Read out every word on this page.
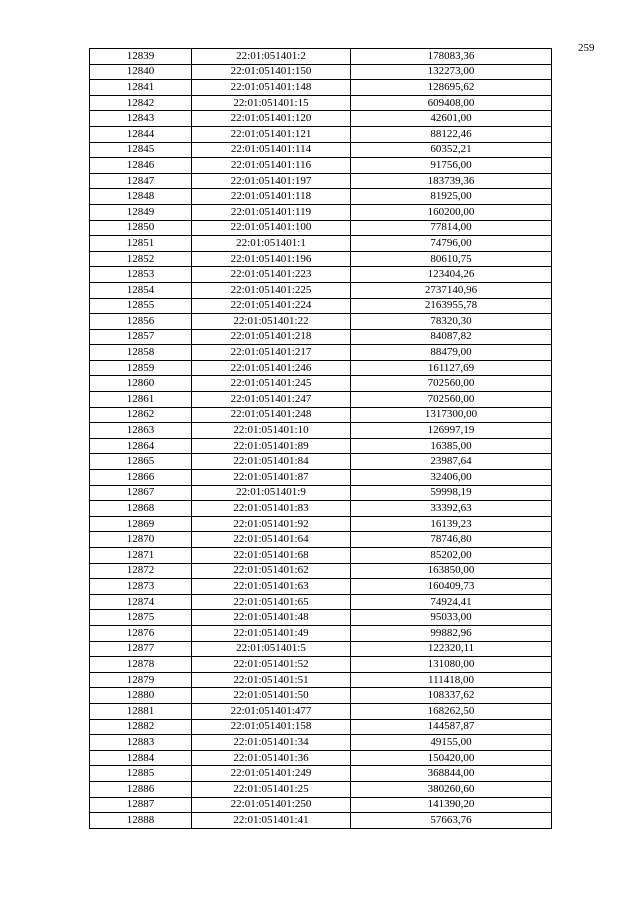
259
12839	22:01:051401:2	178083,36
12840	22:01:051401:150	132273,00
12841	22:01:051401:148	128695,62
12842	22:01:051401:15	609408,00
12843	22:01:051401:120	42601,00
12844	22:01:051401:121	88122,46
12845	22:01:051401:114	60352,21
12846	22:01:051401:116	91756,00
12847	22:01:051401:197	183739,36
12848	22:01:051401:118	81925,00
12849	22:01:051401:119	160200,00
12850	22:01:051401:100	77814,00
12851	22:01:051401:1	74796,00
12852	22:01:051401:196	80610,75
12853	22:01:051401:223	123404,26
12854	22:01:051401:225	2737140,96
12855	22:01:051401:224	2163955,78
12856	22:01:051401:22	78320,30
12857	22:01:051401:218	84087,82
12858	22:01:051401:217	88479,00
12859	22:01:051401:246	161127,69
12860	22:01:051401:245	702560,00
12861	22:01:051401:247	702560,00
12862	22:01:051401:248	1317300,00
12863	22:01:051401:10	126997,19
12864	22:01:051401:89	16385,00
12865	22:01:051401:84	23987,64
12866	22:01:051401:87	32406,00
12867	22:01:051401:9	59998,19
12868	22:01:051401:83	33392,63
12869	22:01:051401:92	16139,23
12870	22:01:051401:64	78746,80
12871	22:01:051401:68	85202,00
12872	22:01:051401:62	163850,00
12873	22:01:051401:63	160409,73
12874	22:01:051401:65	74924,41
12875	22:01:051401:48	95033,00
12876	22:01:051401:49	99882,96
12877	22:01:051401:5	122320,11
12878	22:01:051401:52	131080,00
12879	22:01:051401:51	111418,00
12880	22:01:051401:50	108337,62
12881	22:01:051401:477	168262,50
12882	22:01:051401:158	144587,87
12883	22:01:051401:34	49155,00
12884	22:01:051401:36	150420,00
12885	22:01:051401:249	368844,00
12886	22:01:051401:25	380260,60
12887	22:01:051401:250	141390,20
12888	22:01:051401:41	57663,76
